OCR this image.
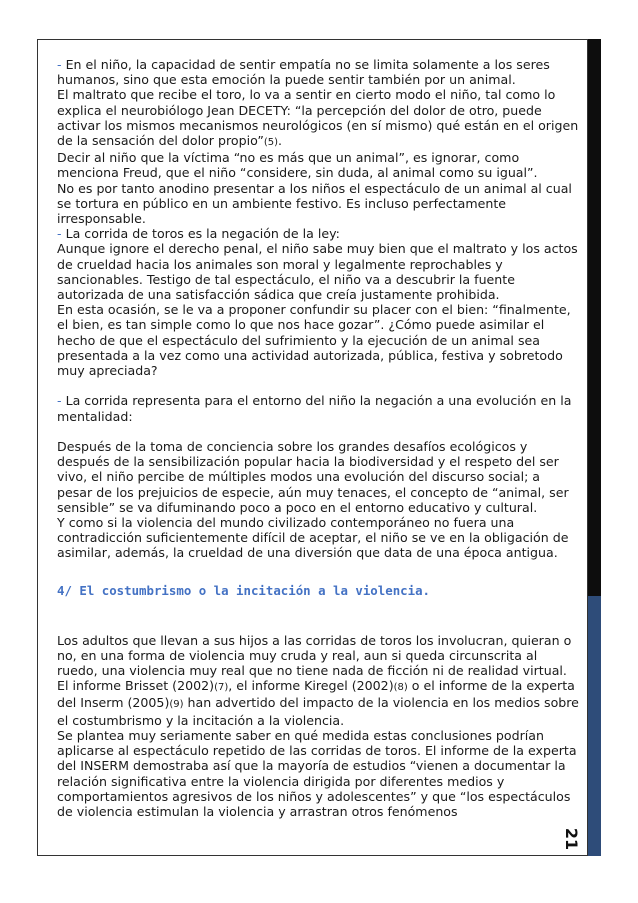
21

- En el niño, la capacidad de sentir empatía no se limita solamente a los seres humanos, sino que esta emoción la puede sentir también por un animal.

El maltrato que recibe el toro, lo va a sentir en cierto modo el niño, tal como lo explica el neurobiólogo Jean DECETY: “la percepción del dolor de otro, puede activar los mismos mecanismos neurológicos (en sí mismo) qué están en el origen de la sensación del dolor propio”(5).

Decir al niño que la víctima “no es más que un animal”, es ignorar, como menciona Freud, que el niño “considere, sin duda, al animal como su igual”.

No es por tanto anodino presentar a los niños el espectáculo de un animal al cual se tortura en público en un ambiente festivo. Es incluso perfectamente irresponsable.

- La corrida de toros es la negación de la ley:

Aunque ignore el derecho penal, el niño sabe muy bien que el maltrato y los actos de crueldad hacia los animales son moral y legalmente reprochables y sancionables. Testigo de tal espectáculo, el niño va a descubrir la fuente autorizada de una satisfacción sádica que creía justamente prohibida.

En esta ocasión, se le va a proponer confundir su placer con el bien: “finalmente, el bien, es tan simple como lo que nos hace gozar”. ¿Cómo puede asimilar el hecho de que el espectáculo del sufrimiento y la ejecución de un animal sea presentada a la vez como una actividad autorizada, pública, festiva y sobretodo muy apreciada?

- La corrida representa para el entorno del niño la negación a una evolución en la mentalidad:

Después de la toma de conciencia sobre los grandes desafíos ecológicos y después de la sensibilización popular hacia la biodiversidad y el respeto del ser vivo, el niño percibe de múltiples modos una evolución del discurso social; a pesar de los prejuicios de especie, aún muy tenaces, el concepto de “animal, ser sensible” se va difuminando poco a poco en el entorno educativo y cultural.

Y como si la violencia del mundo civilizado contemporáneo no fuera una contradicción suficientemente difícil de aceptar, el niño se ve en la obligación de asimilar, además, la crueldad de una diversión que data de una época antigua.

4/ El costumbrismo o la incitación a la violencia.

Los adultos que llevan a sus hijos a las corridas de toros los involucran, quieran o no, en una forma de violencia muy cruda y real, aun si queda circunscrita al ruedo, una violencia muy real que no tiene nada de ficción ni de realidad virtual.

El informe Brisset (2002)(7), el informe Kiregel (2002)(8) o el informe de la experta del Inserm (2005)(9) han advertido del impacto de la violencia en los medios sobre el costumbrismo y la incitación a la violencia.

Se plantea muy seriamente saber en qué medida estas conclusiones podrían aplicarse al espectáculo repetido de las corridas de toros. El informe de la experta del INSERM demostraba así que la mayoría de estudios “vienen a documentar la relación significativa entre la violencia dirigida por diferentes medios y comportamientos agresivos de los niños y adolescentes” y que “los espectáculos de violencia estimulan la violencia y arrastran otros fenómenos
